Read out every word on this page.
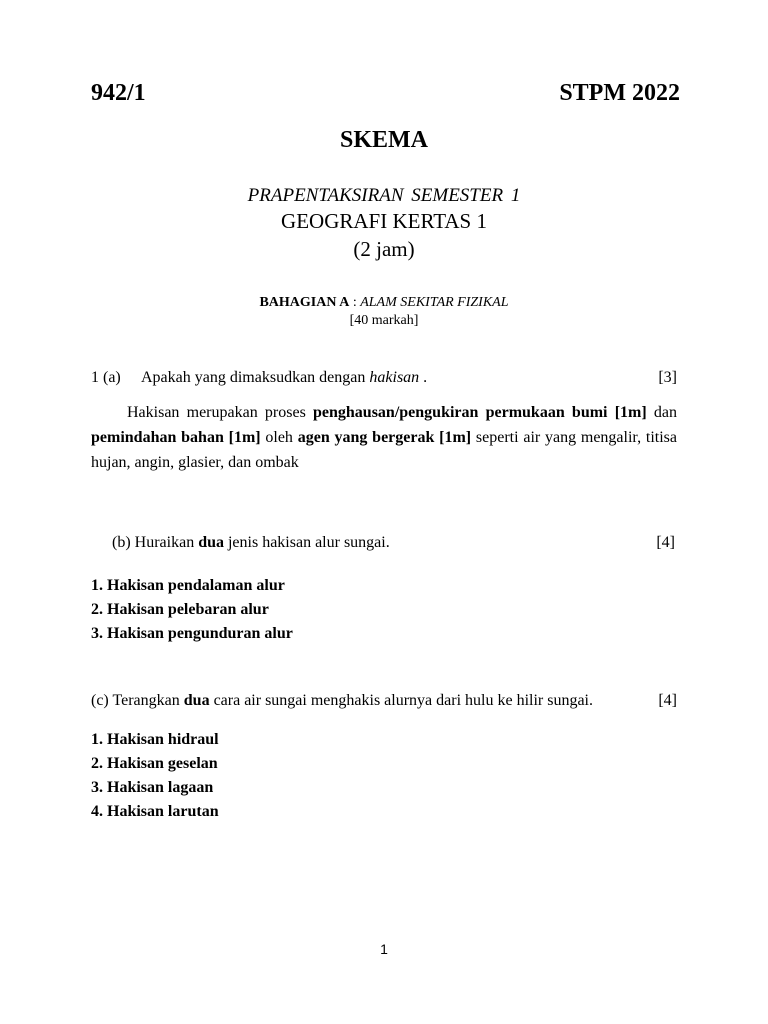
942/1	STPM 2022
SKEMA
PRAPENTAKSIRAN SEMESTER 1
GEOGRAFI KERTAS 1
(2 jam)
BAHAGIAN A : ALAM SEKITAR FIZIKAL
[40 markah]
1 (a) Apakah yang dimaksudkan dengan hakisan .	[3]
Hakisan merupakan proses penghausan/pengukiran permukaan bumi [1m] dan pemindahan bahan [1m] oleh agen yang bergerak [1m] seperti air yang mengalir, titisa hujan, angin, glasier, dan ombak
(b) Huraikan dua jenis hakisan alur sungai.	[4]
1. Hakisan pendalaman alur
2. Hakisan pelebaran alur
3. Hakisan pengunduran alur
(c) Terangkan dua cara air sungai menghakis alurnya dari hulu ke hilir sungai.	[4]
1. Hakisan hidraul
2. Hakisan geselan
3. Hakisan lagaan
4. Hakisan larutan
1
